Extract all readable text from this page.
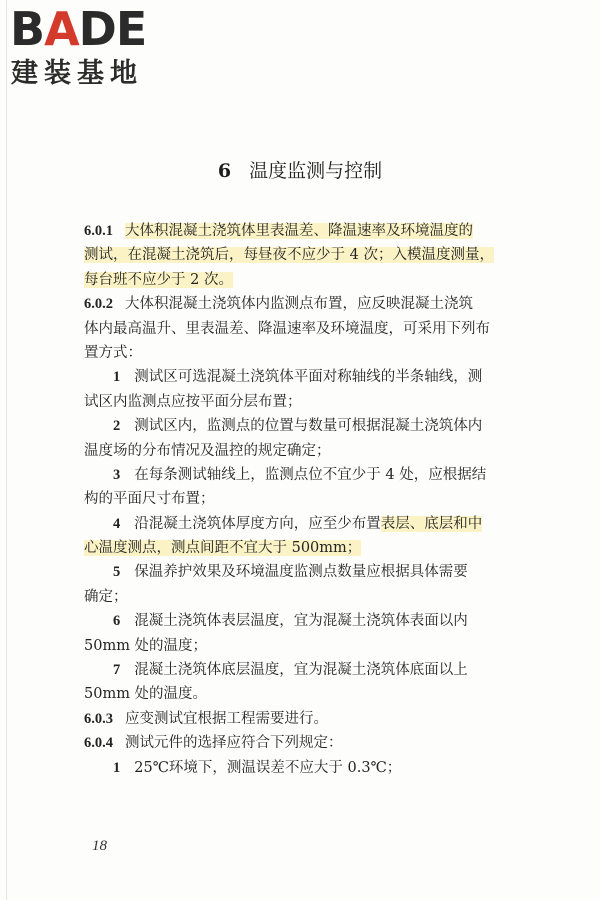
BADE
建装基地
6 温度监测与控制
6.0.1 大体积混凝土浇筑体里表温差、降温速率及环境温度的
测试，在混凝土浇筑后，每昼夜不应少于 4 次；入模温度测量，
每台班不应少于 2 次。
6.0.2 大体积混凝土浇筑体内监测点布置，应反映混凝土浇筑
体内最高温升、里表温差、降温速率及环境温度，可采用下列布
置方式：
1 测试区可选混凝土浇筑体平面对称轴线的半条轴线，测
试区内监测点应按平面分层布置；
2 测试区内，监测点的位置与数量可根据混凝土浇筑体内
温度场的分布情况及温控的规定确定；
3 在每条测试轴线上，监测点位不宜少于 4 处，应根据结
构的平面尺寸布置；
4 沿混凝土浇筑体厚度方向，应至少布置表层、底层和中
心温度测点，测点间距不宜大于 500mm；
5 保温养护效果及环境温度监测点数量应根据具体需要
确定；
6 混凝土浇筑体表层温度，宜为混凝土浇筑体表面以内
50mm 处的温度；
7 混凝土浇筑体底层温度，宜为混凝土浇筑体底面以上
50mm 处的温度。
6.0.3 应变测试宜根据工程需要进行。
6.0.4 测试元件的选择应符合下列规定：
1 25℃环境下，测温误差不应大于 0.3℃；
18
